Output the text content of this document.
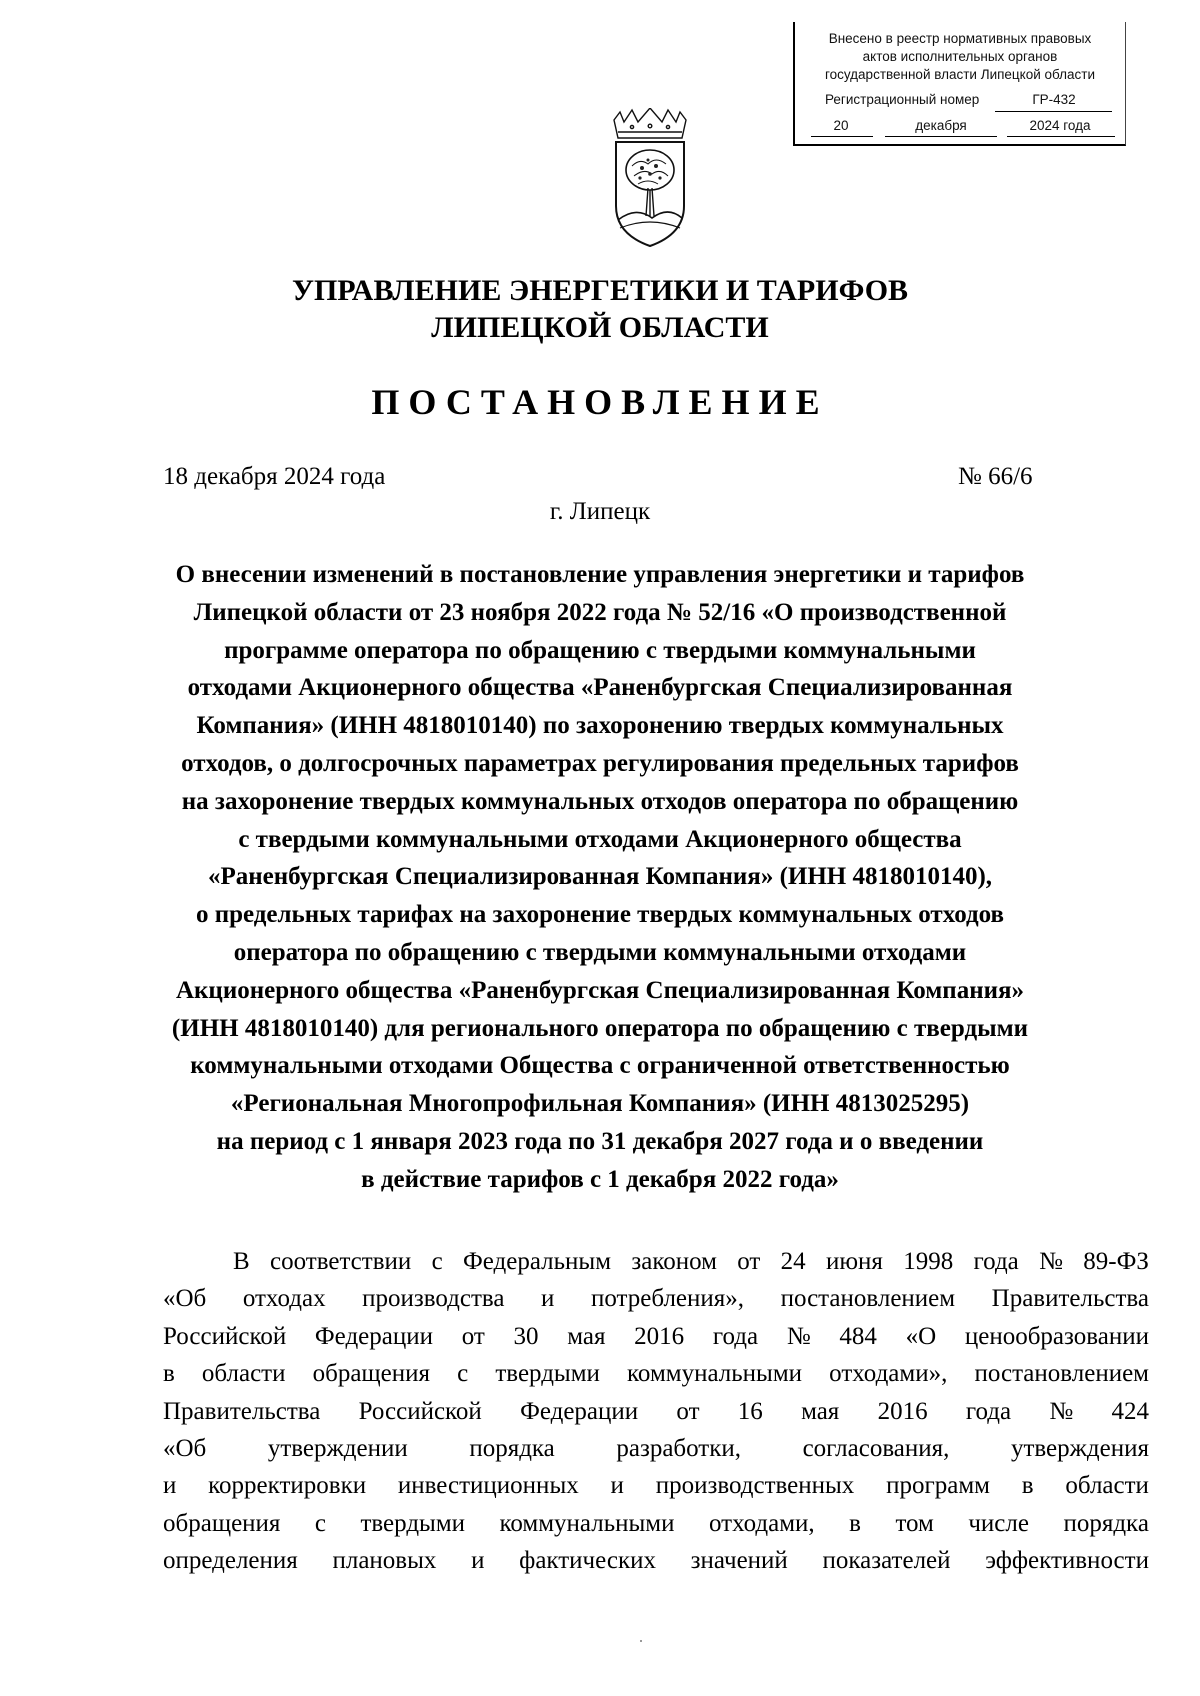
Внесено в реестр нормативных правовых
актов исполнительных органов
государственной власти Липецкой области
Регистрационный номер	ГР-432
20	декабря	2024 года
УПРАВЛЕНИЕ ЭНЕРГЕТИКИ И ТАРИФОВ
ЛИПЕЦКОЙ ОБЛАСТИ
ПОСТАНОВЛЕНИЕ
18 декабря 2024 года	№ 66/6
г. Липецк
О внесении изменений в постановление управления энергетики и тарифов
Липецкой области от 23 ноября 2022 года № 52/16 «О производственной
программе оператора по обращению с твердыми коммунальными
отходами Акционерного общества «Раненбургская Специализированная
Компания» (ИНН 4818010140) по захоронению твердых коммунальных
отходов, о долгосрочных параметрах регулирования предельных тарифов
на захоронение твердых коммунальных отходов оператора по обращению
с твердыми коммунальными отходами Акционерного общества
«Раненбургская Специализированная Компания» (ИНН 4818010140),
о предельных тарифах на захоронение твердых коммунальных отходов
оператора по обращению с твердыми коммунальными отходами
Акционерного общества «Раненбургская Специализированная Компания»
(ИНН 4818010140) для регионального оператора по обращению с твердыми
коммунальными отходами Общества с ограниченной ответственностью
«Региональная Многопрофильная Компания» (ИНН 4813025295)
на период с 1 января 2023 года по 31 декабря 2027 года и о введении
в действие тарифов с 1 декабря 2022 года»
В соответствии с Федеральным законом от 24 июня 1998 года № 89-ФЗ
«Об отходах производства и потребления», постановлением Правительства
Российской Федерации от 30 мая 2016 года № 484 «О ценообразовании
в области обращения с твердыми коммунальными отходами», постановлением
Правительства Российской Федерации от 16 мая 2016 года № 424
«Об утверждении порядка разработки, согласования, утверждения
и корректировки инвестиционных и производственных программ в области
обращения с твердыми коммунальными отходами, в том числе порядка
определения плановых и фактических значений показателей эффективности
